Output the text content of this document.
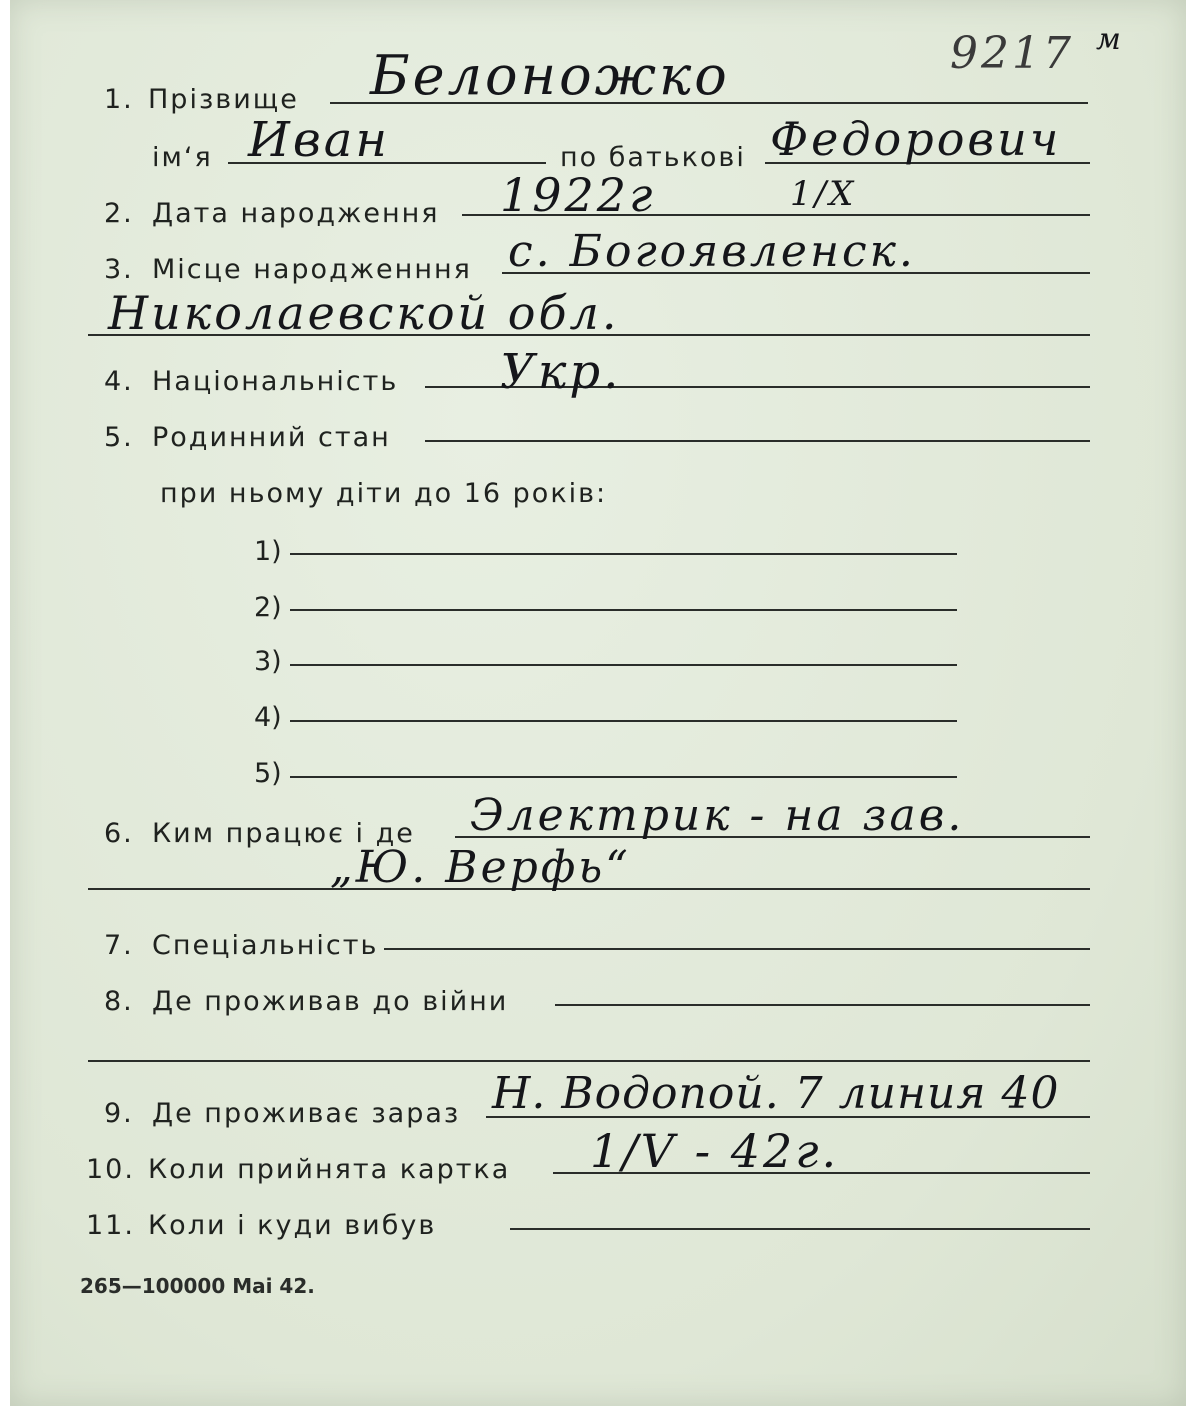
9217 м
1. Прізвище Белоножко
ім‘я Иван	по батькові Федорович
2. Дата народження 1922г	1/Х
3. Місце народженння с. Богоявленск.
Николаевской обл.
4. Національність Укр.
5. Родинний стан
при ньому діти до 16 років:
1)
2)
3)
4)
5)
6. Ким працює і де Электрик - на зав.
„Ю. Верфь“
7. Спеціальність
8. Де проживав до війни
9. Де проживає зараз Н. Водопой. 7 линия 40
10. Коли прийнята картка 1/V - 42г.
11. Коли і куди вибув
265—100000 Mai 42.
